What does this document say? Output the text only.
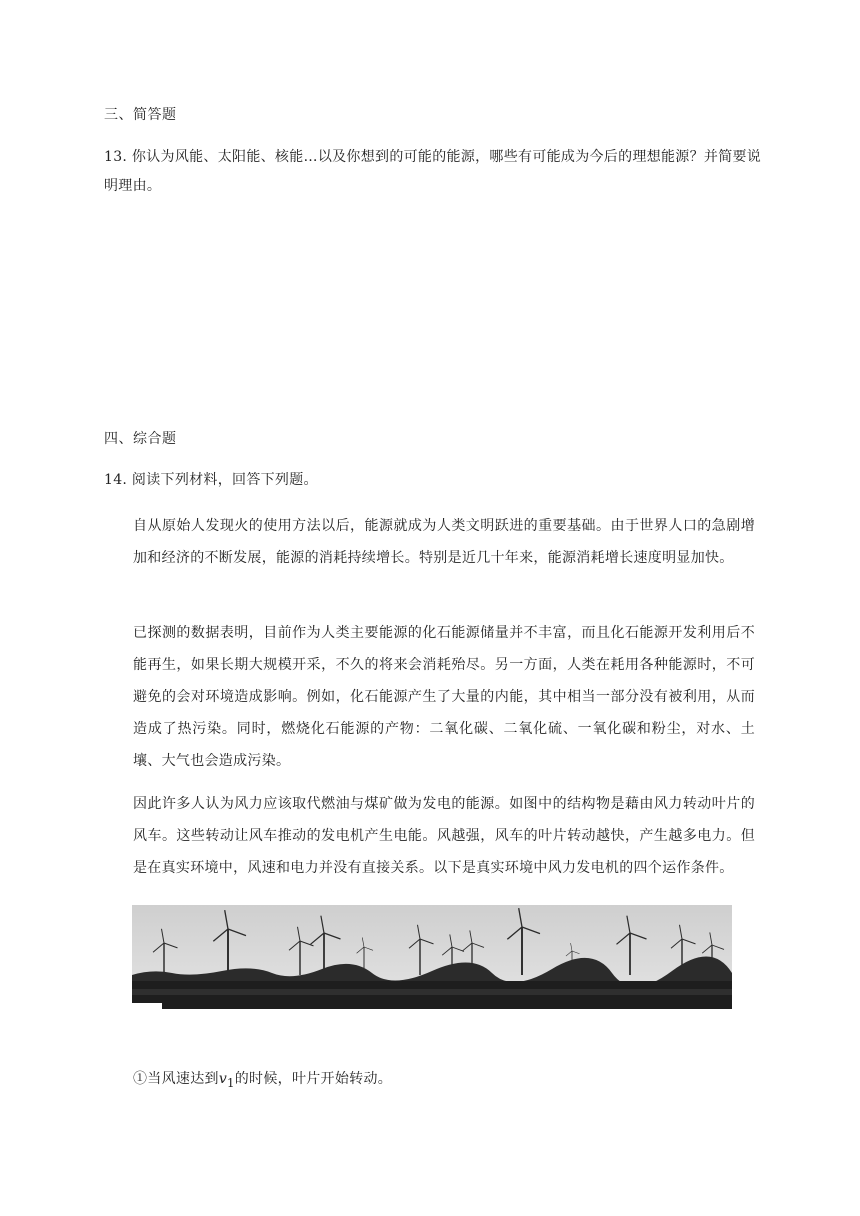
三、简答题
13. 你认为风能、太阳能、核能…以及你想到的可能的能源，哪些有可能成为今后的理想能源？并简要说明理由。
四、综合题
14. 阅读下列材料，回答下列题。
自从原始人发现火的使用方法以后，能源就成为人类文明跃进的重要基础。由于世界人口的急剧增加和经济的不断发展，能源的消耗持续增长。特别是近几十年来，能源消耗增长速度明显加快。
已探测的数据表明，目前作为人类主要能源的化石能源储量并不丰富，而且化石能源开发利用后不能再生，如果长期大规模开采，不久的将来会消耗殆尽。另一方面，人类在耗用各种能源时，不可避免的会对环境造成影响。例如，化石能源产生了大量的内能，其中相当一部分没有被利用，从而造成了热污染。同时，燃烧化石能源的产物：二氧化碳、二氧化硫、一氧化碳和粉尘，对水、土壤、大气也会造成污染。
因此许多人认为风力应该取代燃油与煤矿做为发电的能源。如图中的结构物是藉由风力转动叶片的风车。这些转动让风车推动的发电机产生电能。风越强，风车的叶片转动越快，产生越多电力。但是在真实环境中，风速和电力并没有直接关系。以下是真实环境中风力发电机的四个运作条件。
①当风速达到$v_1$的时候，叶片开始转动。
